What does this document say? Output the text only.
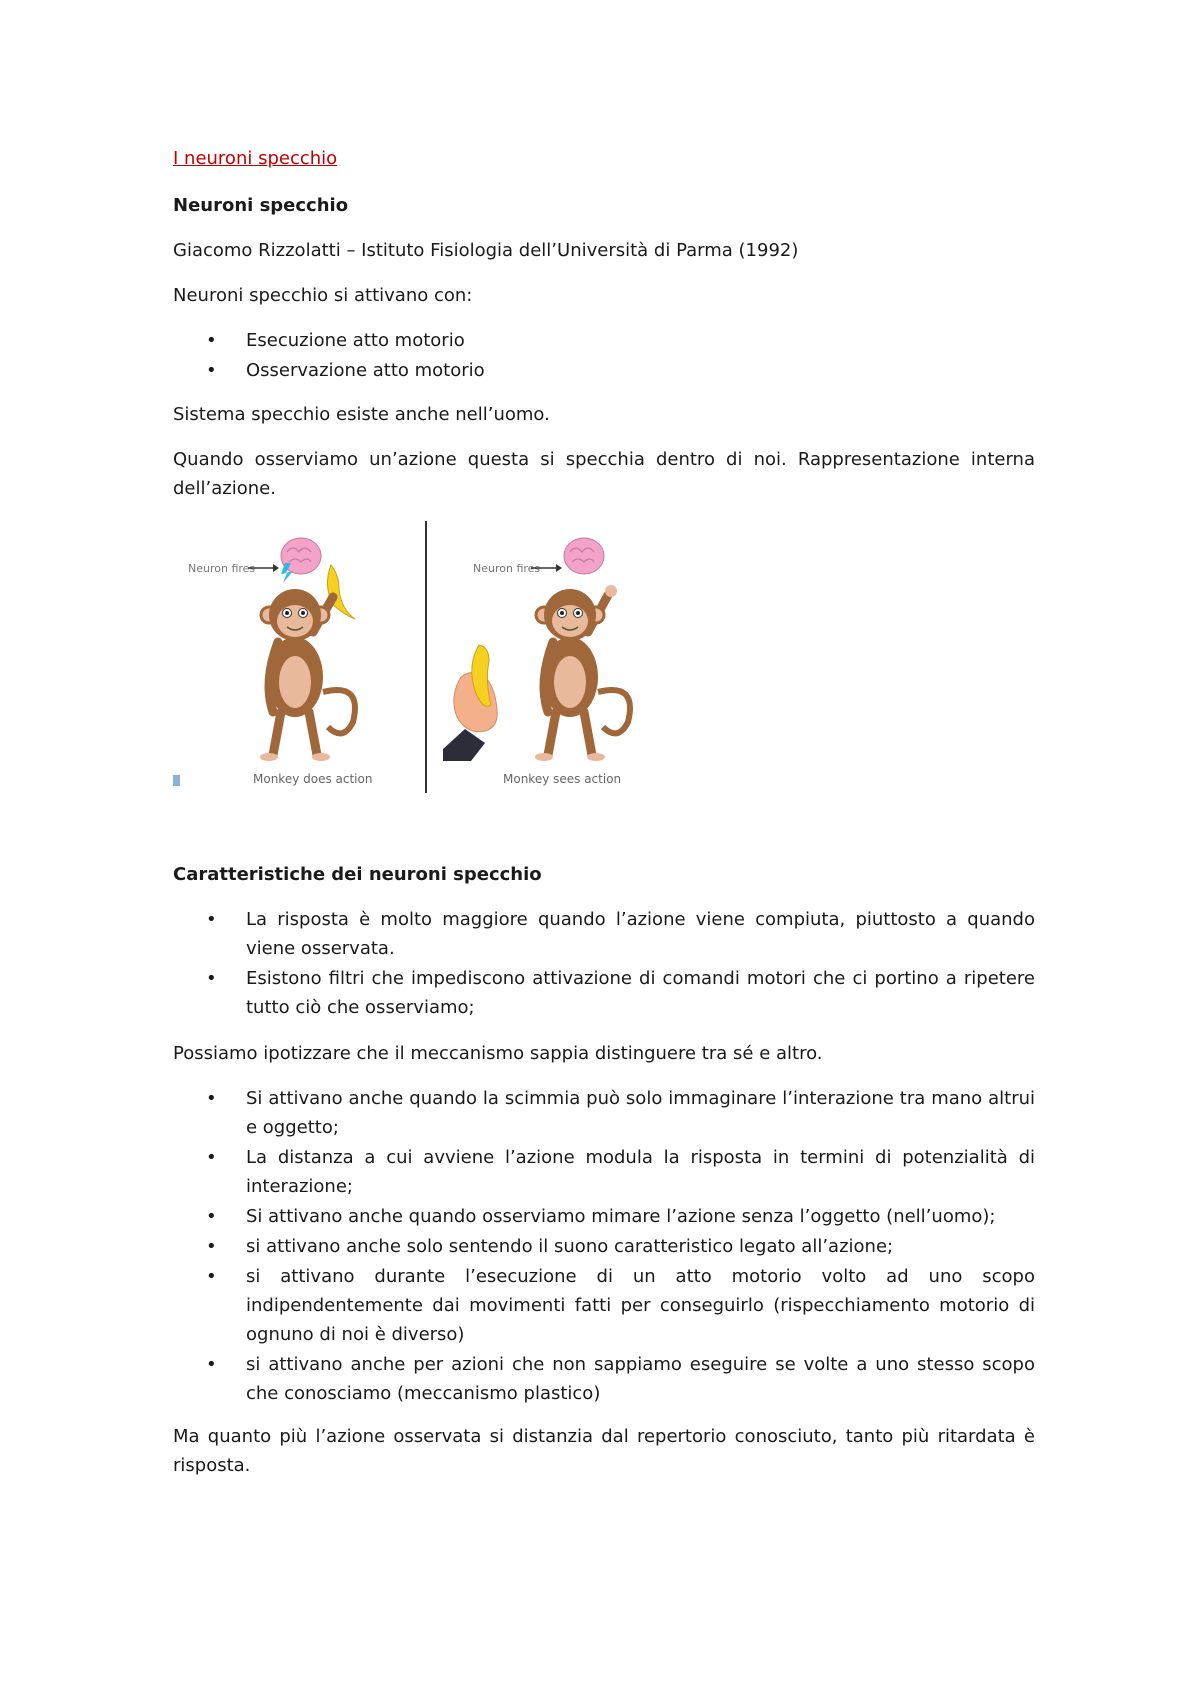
I neuroni specchio
Neuroni specchio
Giacomo Rizzolatti – Istituto Fisiologia dell’Università di Parma (1992)
Neuroni specchio si attivano con:
• Esecuzione atto motorio
• Osservazione atto motorio
Sistema specchio esiste anche nell’uomo.
Quando osserviamo un’azione questa si specchia dentro di noi. Rappresentazione interna dell’azione.
Neuron fires
Monkey does action
Neuron fires
Monkey sees action
Caratteristiche dei neuroni specchio
• La risposta è molto maggiore quando l’azione viene compiuta, piuttosto a quando viene osservata.
• Esistono filtri che impediscono attivazione di comandi motori che ci portino a ripetere tutto ciò che osserviamo;
Possiamo ipotizzare che il meccanismo sappia distinguere tra sé e altro.
• Si attivano anche quando la scimmia può solo immaginare l’interazione tra mano altrui e oggetto;
• La distanza a cui avviene l’azione modula la risposta in termini di potenzialità di interazione;
• Si attivano anche quando osserviamo mimare l’azione senza l’oggetto (nell’uomo);
• si attivano anche solo sentendo il suono caratteristico legato all’azione;
• si attivano durante l’esecuzione di un atto motorio volto ad uno scopo indipendentemente dai movimenti fatti per conseguirlo (rispecchiamento motorio di ognuno di noi è diverso)
• si attivano anche per azioni che non sappiamo eseguire se volte a uno stesso scopo che conosciamo (meccanismo plastico)
Ma quanto più l’azione osservata si distanzia dal repertorio conosciuto, tanto più ritardata è risposta.
